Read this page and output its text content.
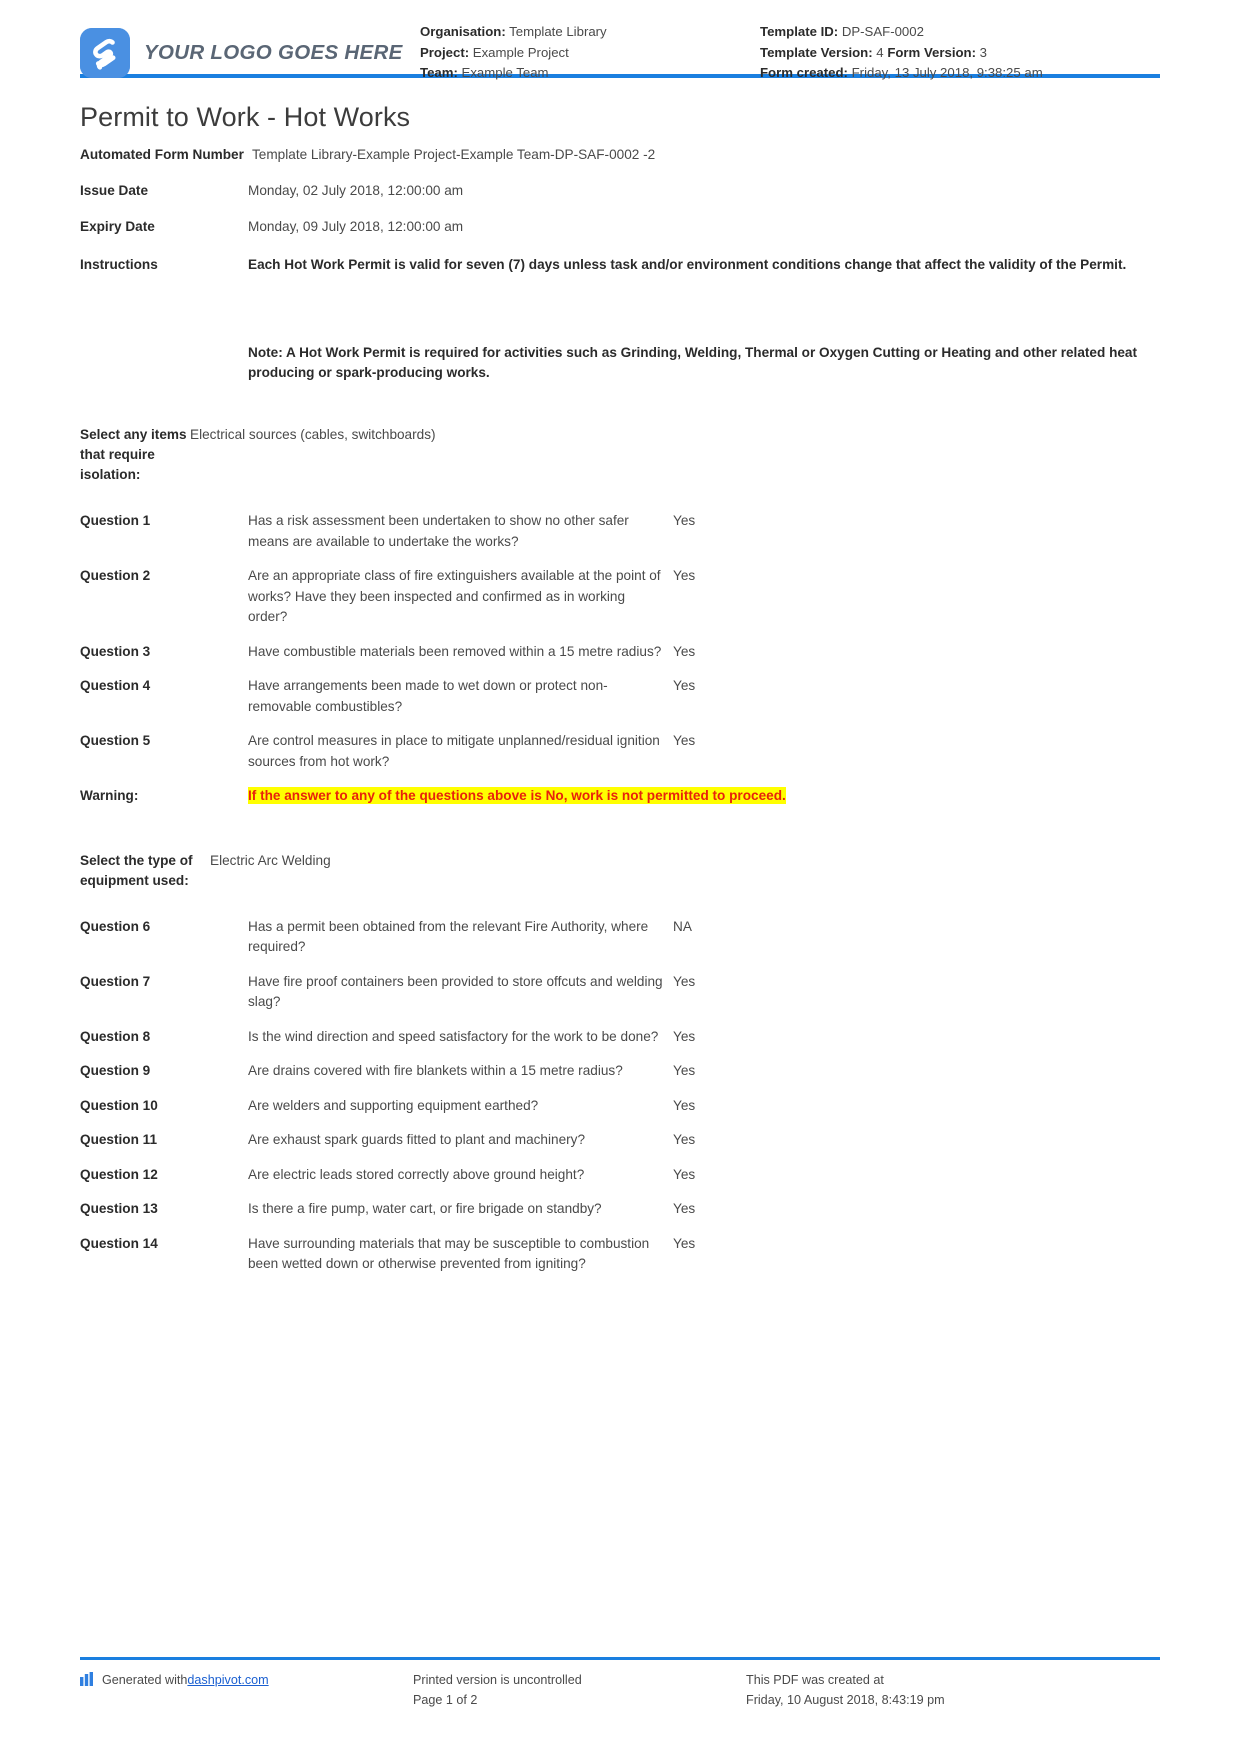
YOUR LOGO GOES HERE
Organisation: Template Library
Project: Example Project
Team: Example Team
Template ID: DP-SAF-0002
Template Version: 4 Form Version: 3
Form created: Friday, 13 July 2018, 9:38:25 am
Permit to Work - Hot Works
Automated Form Number Template Library-Example Project-Example Team-DP-SAF-0002 -2
Issue Date	Monday, 02 July 2018, 12:00:00 am
Expiry Date	Monday, 09 July 2018, 12:00:00 am
Instructions	Each Hot Work Permit is valid for seven (7) days unless task and/or environment conditions change that affect the validity of the Permit.
Note: A Hot Work Permit is required for activities such as Grinding, Welding, Thermal or Oxygen Cutting or Heating and other related heat producing or spark-producing works.
Select any items that require isolation:
Electrical sources (cables, switchboards)
Question 1	Has a risk assessment been undertaken to show no other safer means are available to undertake the works?
Yes
Question 2	Are an appropriate class of fire extinguishers available at the point of works? Have they been inspected and confirmed as in working order?
Yes
Question 3	Have combustible materials been removed within a 15 metre radius? Yes
Question 4	Have arrangements been made to wet down or protect non-removable combustibles?
Yes
Question 5	Are control measures in place to mitigate unplanned/residual ignition sources from hot work?
Yes
Warning:	If the answer to any of the questions above is No, work is not permitted to proceed.
Select the type of equipment used:
Electric Arc Welding
Question 6	Has a permit been obtained from the relevant Fire Authority, where required?
NA
Question 7	Have fire proof containers been provided to store offcuts and welding slag?
Yes
Question 8	Is the wind direction and speed satisfactory for the work to be done?	Yes
Question 9	Are drains covered with fire blankets within a 15 metre radius?	Yes
Question 10	Are welders and supporting equipment earthed?	Yes
Question 11	Are exhaust spark guards fitted to plant and machinery?	Yes
Question 12	Are electric leads stored correctly above ground height?	Yes
Question 13	Is there a fire pump, water cart, or fire brigade on standby?	Yes
Question 14	Have surrounding materials that may be susceptible to combustion been wetted down or otherwise prevented from igniting?
Yes
Generated with dashpivot.com	Printed version is uncontrolled
Page 1 of 2
This PDF was created at
Friday, 10 August 2018, 8:43:19 pm
